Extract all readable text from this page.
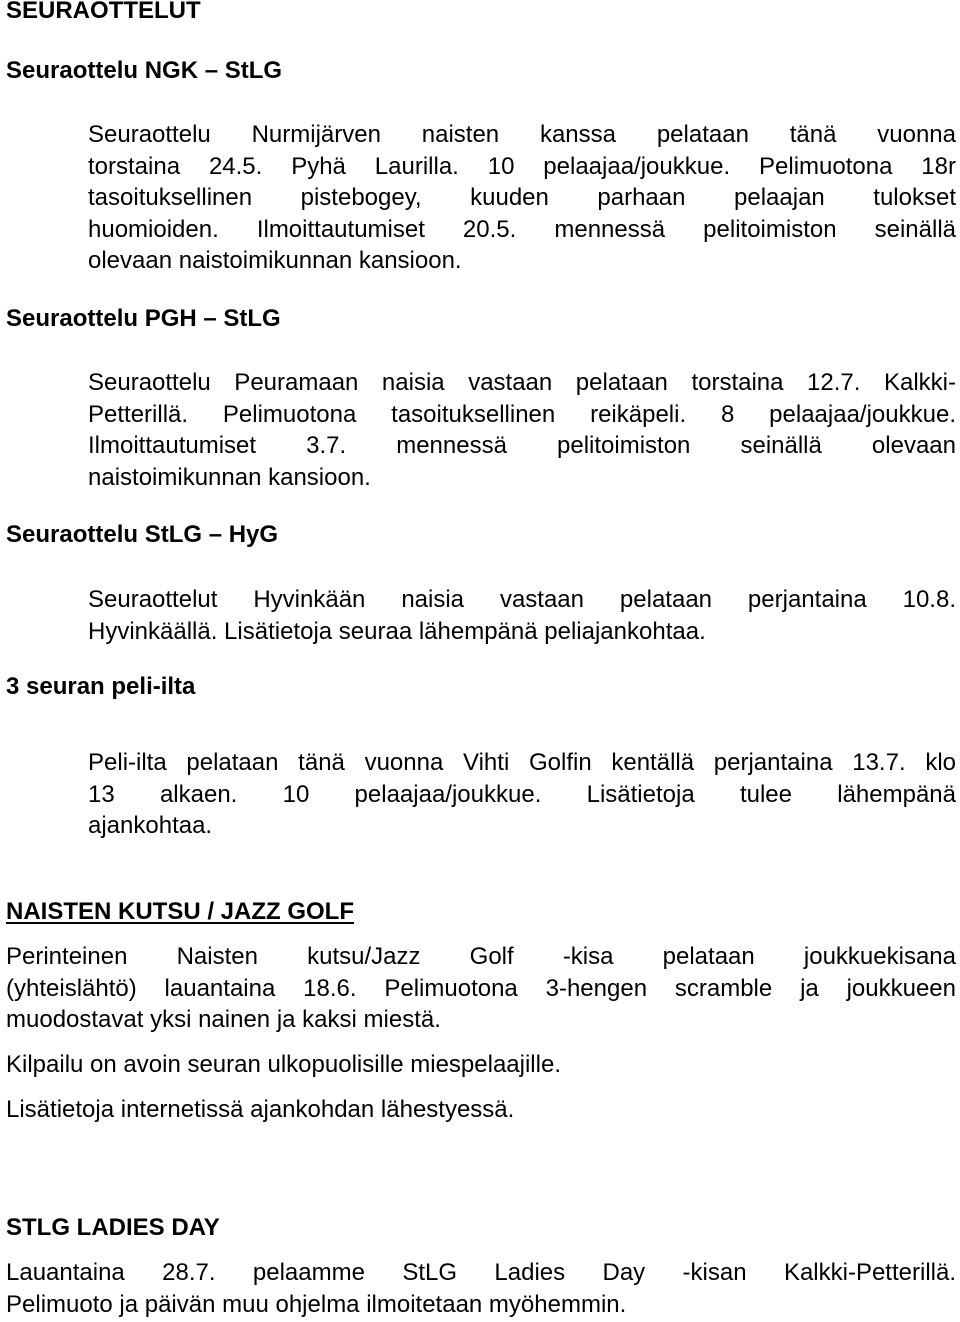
SEURAOTTELUT
Seuraottelu NGK – StLG
Seuraottelu Nurmijärven naisten kanssa pelataan tänä vuonna
torstaina 24.5. Pyhä Laurilla. 10 pelaajaa/joukkue. Pelimuotona 18r
tasoituksellinen pistebogey, kuuden parhaan pelaajan tulokset
huomioiden. Ilmoittautumiset 20.5. mennessä pelitoimiston seinällä
olevaan naistoimikunnan kansioon.
Seuraottelu PGH – StLG
Seuraottelu Peuramaan naisia vastaan pelataan torstaina 12.7. Kalkki-
Petterillä. Pelimuotona tasoituksellinen reikäpeli. 8 pelaajaa/joukkue.
Ilmoittautumiset 3.7. mennessä pelitoimiston seinällä olevaan
naistoimikunnan kansioon.
Seuraottelu StLG – HyG
Seuraottelut Hyvinkään naisia vastaan pelataan perjantaina 10.8.
Hyvinkäällä. Lisätietoja seuraa lähempänä peliajankohtaa.
3 seuran peli-ilta
Peli-ilta pelataan tänä vuonna Vihti Golfin kentällä perjantaina 13.7. klo
13 alkaen. 10 pelaajaa/joukkue. Lisätietoja tulee lähempänä
ajankohtaa.
NAISTEN KUTSU / JAZZ GOLF
Perinteinen Naisten kutsu/Jazz Golf -kisa pelataan joukkuekisana
(yhteislähtö) lauantaina 18.6. Pelimuotona 3-hengen scramble ja joukkueen
muodostavat yksi nainen ja kaksi miestä.
Kilpailu on avoin seuran ulkopuolisille miespelaajille.
Lisätietoja internetissä ajankohdan lähestyessä.
STLG LADIES DAY
Lauantaina 28.7. pelaamme StLG Ladies Day -kisan Kalkki-Petterillä.
Pelimuoto ja päivän muu ohjelma ilmoitetaan myöhemmin.
